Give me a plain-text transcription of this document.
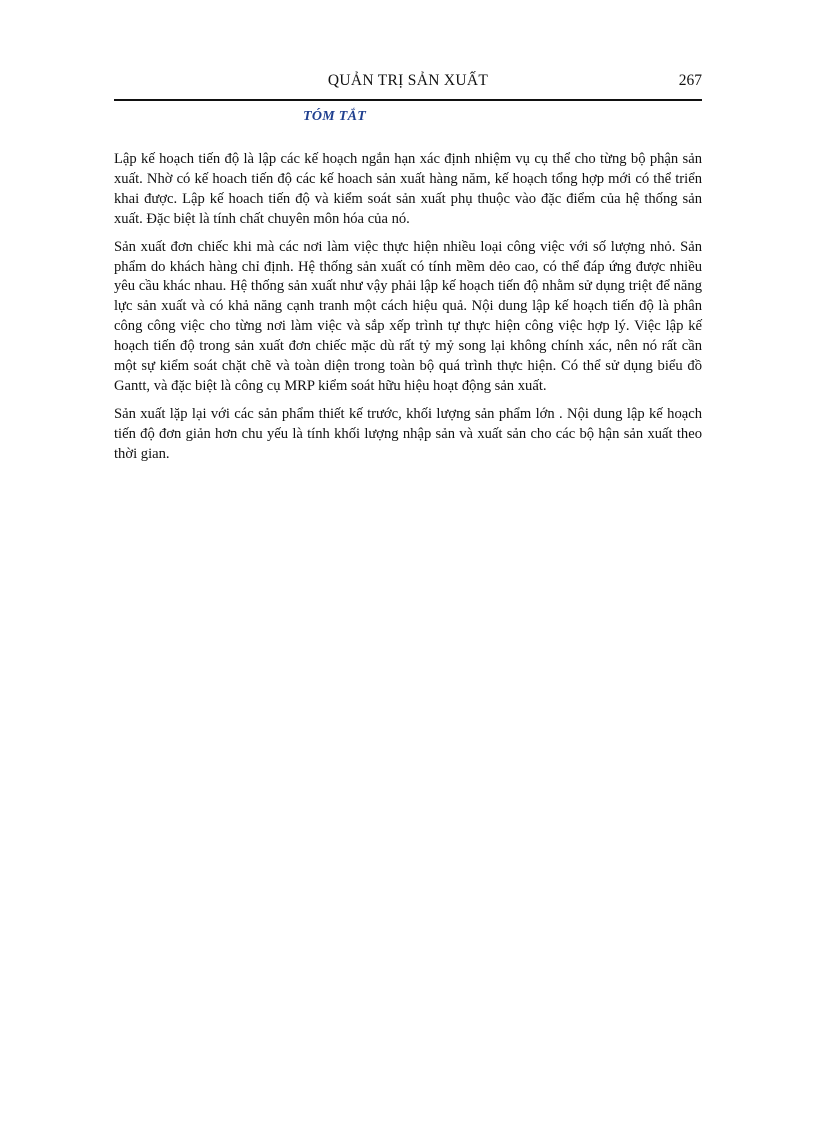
QUẢN TRỊ SẢN XUẤT	267
TÓM TẮT

Lập kế hoạch tiến độ là lập các kế hoạch ngắn hạn xác định nhiệm vụ cụ thể cho từng bộ phận sản xuất. Nhờ có kế hoach tiến độ các kế hoach sản xuất hàng năm, kế hoạch tổng hợp mới có thể triển khai được. Lập kế hoach tiến độ và kiểm soát sản xuất phụ thuộc vào đặc điểm của hệ thống sản xuất. Đặc biệt là tính chất chuyên môn hóa của nó.

Sản xuất đơn chiếc khi mà các nơi làm việc thực hiện nhiều loại công việc với số lượng nhỏ. Sản phẩm do khách hàng chỉ định. Hệ thống sản xuất có tính mềm dẻo cao, có thể đáp ứng được nhiều yêu cầu khác nhau. Hệ thống sản xuất như vậy phải lập kế hoạch tiến độ nhằm sử dụng triệt để năng lực sản xuất và có khả năng cạnh tranh một cách hiệu quả. Nội dung lập kế hoạch tiến độ là phân công công việc cho từng nơi làm việc và sắp xếp trình tự thực hiện công việc hợp lý. Việc lập kế hoạch tiến độ trong sản xuất đơn chiếc mặc dù rất tỷ mỷ song lại không chính xác, nên nó rất cần một sự kiểm soát chặt chẽ và toàn diện trong toàn bộ quá trình thực hiện. Có thể sử dụng biểu đồ Gantt, và đặc biệt là công cụ MRP kiểm soát hữu hiệu hoạt động sản xuất.

Sản xuất lặp lại với các sản phẩm thiết kế trước, khối lượng sản phẩm lớn . Nội dung lập kế hoạch tiến độ đơn giản hơn chu yếu là tính khối lượng nhập sản và xuất sản cho các bộ hận sản xuất theo thời gian.
